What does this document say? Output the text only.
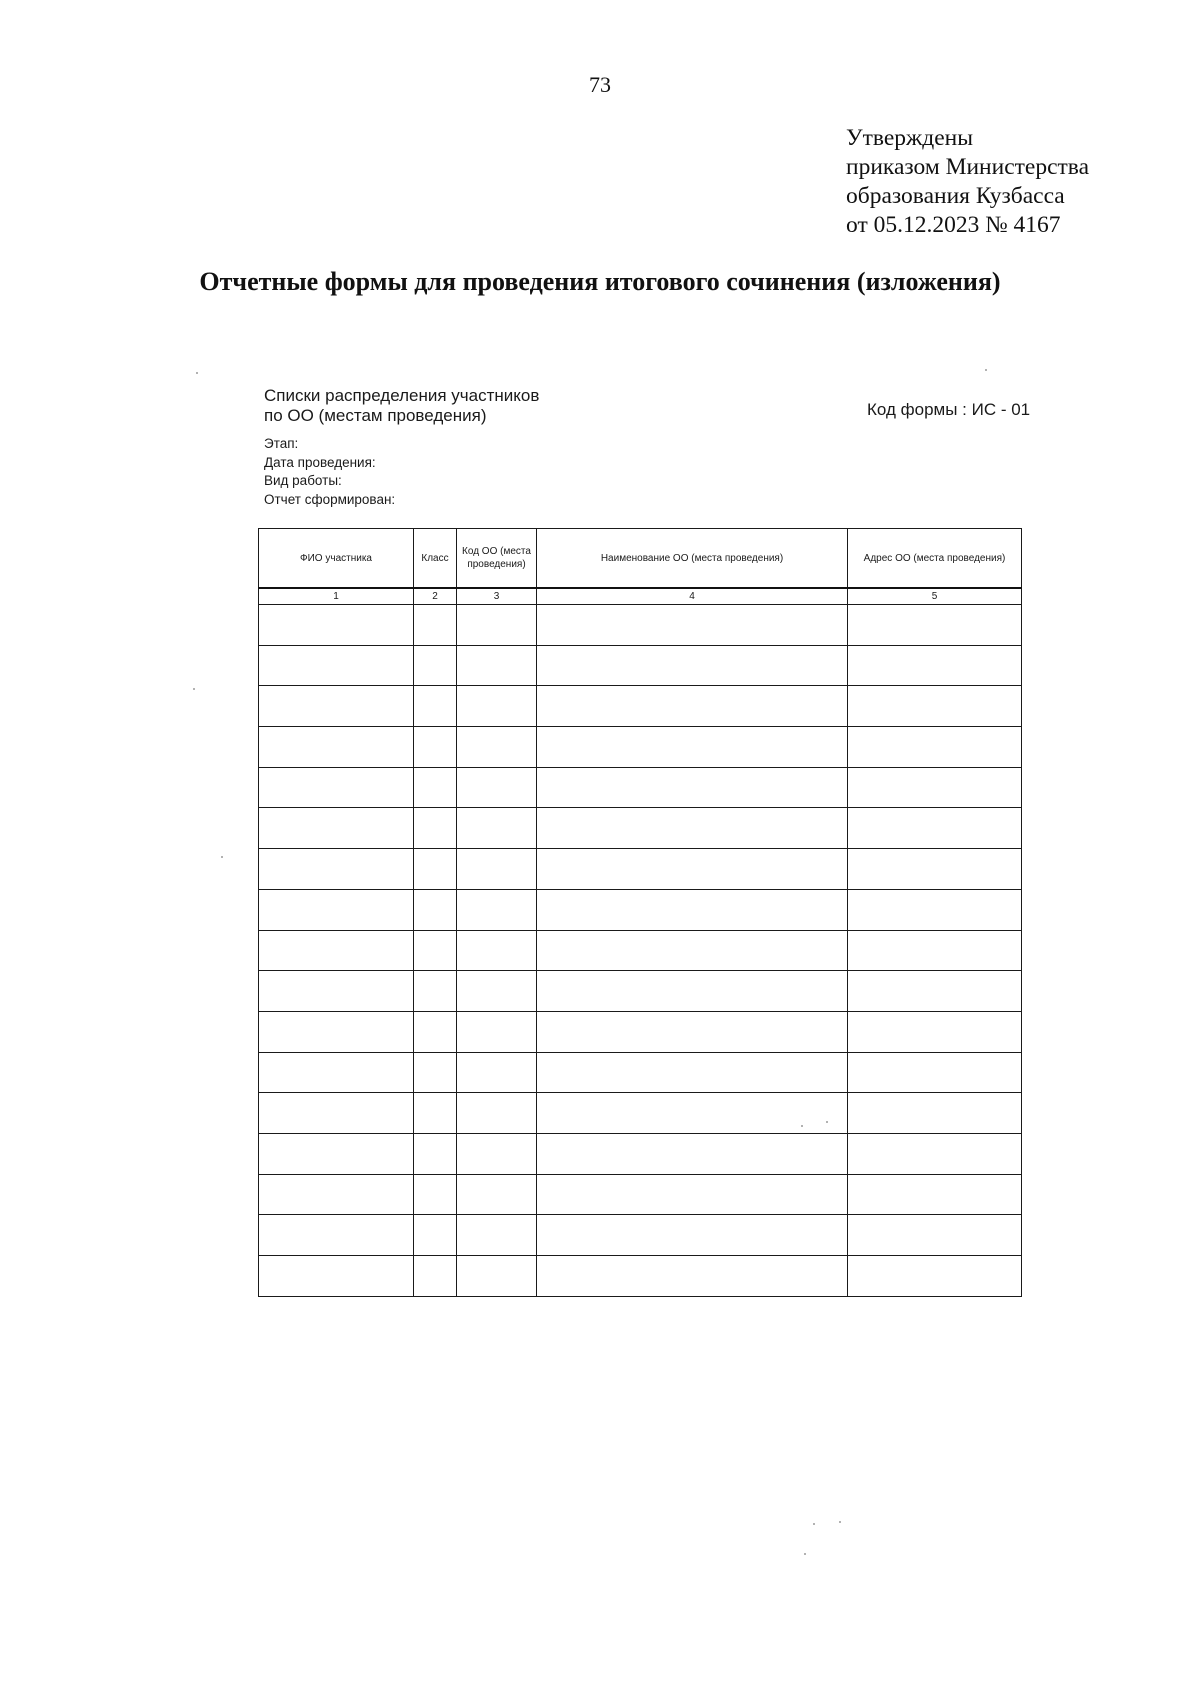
73
Утверждены
приказом Министерства
образования Кузбасса
от 05.12.2023 № 4167
Отчетные формы для проведения итогового сочинения (изложения)
Списки распределения участников
по ОО (местам проведения)	Код формы : ИС - 01
Этап:
Дата проведения:
Вид работы:
Отчет сформирован:
ФИО участника	Класс	Код ОО (места проведения)	Наименование ОО (места проведения)	Адрес ОО (места проведения)
1	2	3	4	5
